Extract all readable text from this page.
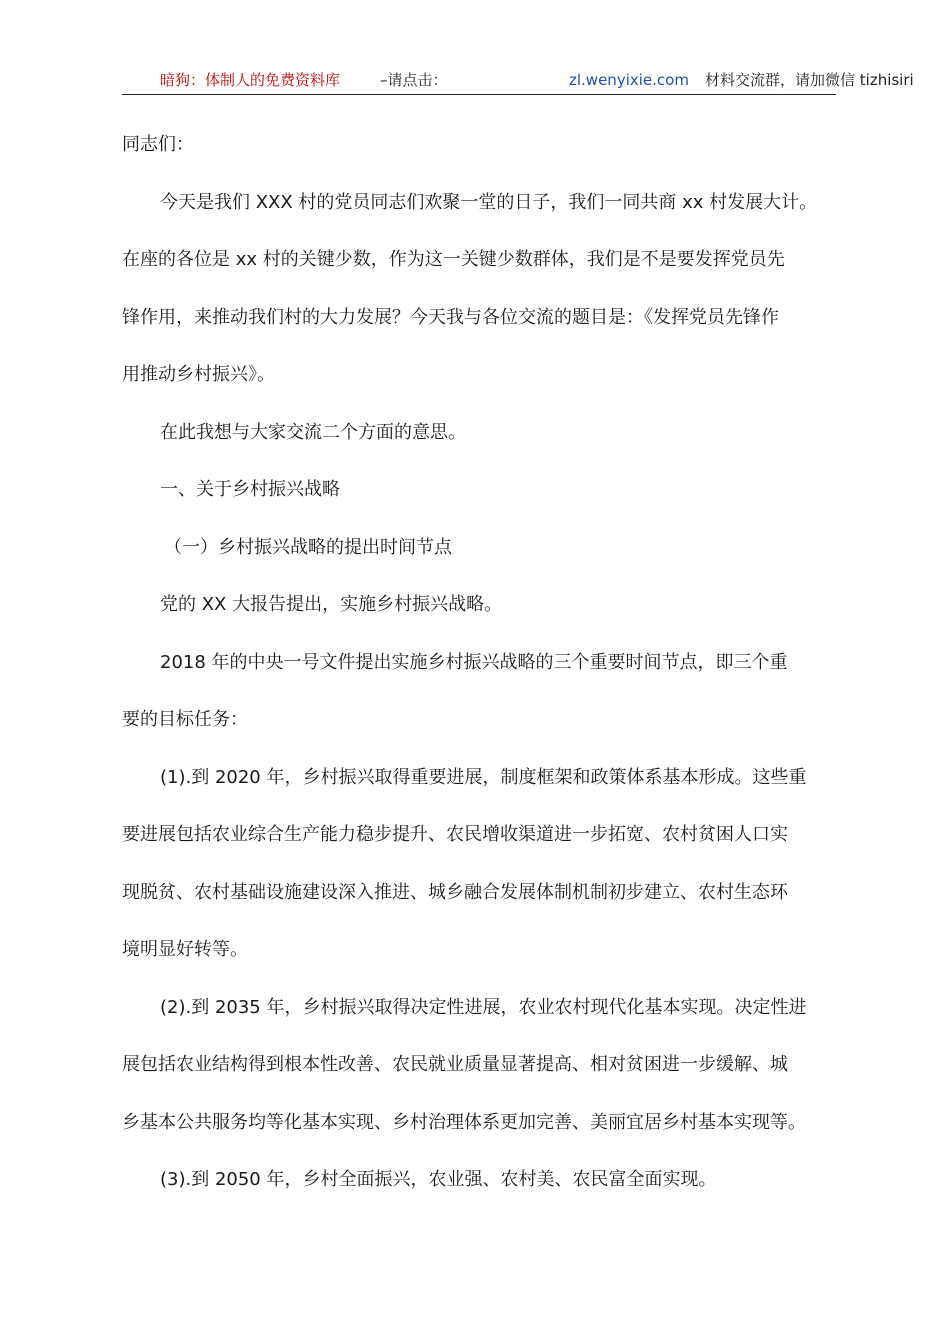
暗狗：体制人的免费资料库	–请点击：	zl.wenyixie.com 材料交流群，请加微信 tizhisiri

同志们：

今天是我们 XXX 村的党员同志们欢聚一堂的日子，我们一同共商 xx 村发展大计。

在座的各位是 xx 村的关键少数，作为这一关键少数群体，我们是不是要发挥党员先

锋作用，来推动我们村的大力发展？今天我与各位交流的题目是：《发挥党员先锋作

用推动乡村振兴》。

在此我想与大家交流二个方面的意思。

一、关于乡村振兴战略

（一）乡村振兴战略的提出时间节点

党的 XX 大报告提出，实施乡村振兴战略。

2018 年的中央一号文件提出实施乡村振兴战略的三个重要时间节点，即三个重

要的目标任务：

(1).到 2020 年，乡村振兴取得重要进展，制度框架和政策体系基本形成。这些重

要进展包括农业综合生产能力稳步提升、农民增收渠道进一步拓宽、农村贫困人口实

现脱贫、农村基础设施建设深入推进、城乡融合发展体制机制初步建立、农村生态环

境明显好转等。

(2).到 2035 年，乡村振兴取得决定性进展，农业农村现代化基本实现。决定性进

展包括农业结构得到根本性改善、农民就业质量显著提高、相对贫困进一步缓解、城

乡基本公共服务均等化基本实现、乡村治理体系更加完善、美丽宜居乡村基本实现等。

(3).到 2050 年，乡村全面振兴，农业强、农村美、农民富全面实现。
